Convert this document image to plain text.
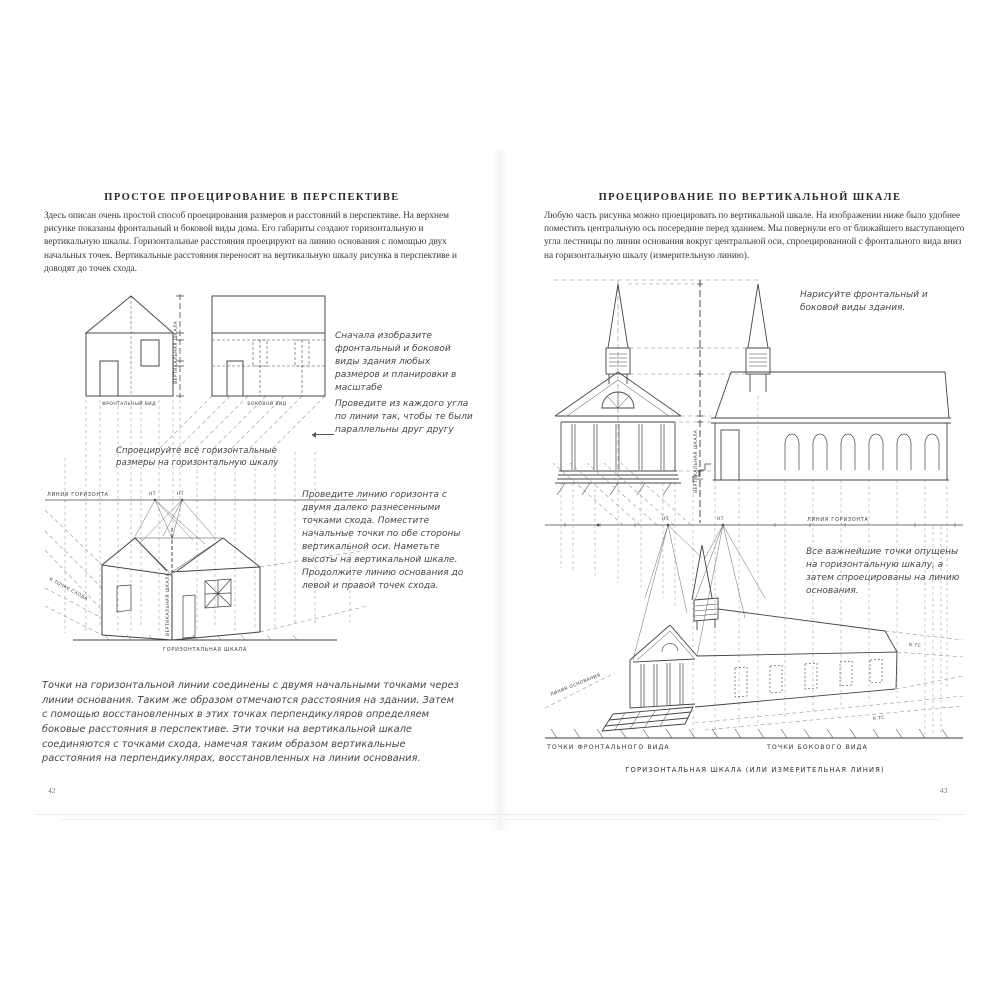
ПРОСТОЕ ПРОЕЦИРОВАНИЕ В ПЕРСПЕКТИВЕ
Здесь описан очень простой способ проецирования размеров и расстояний в перспективе. На верхнем рисунке показаны фронтальный и боковой виды дома. Его габариты создают горизонтальную и вертикальную шкалы. Горизонтальные расстояния проецируют на линию основания с помощью двух начальных точек. Вертикальные расстояния переносят на вертикальную шкалу рисунка в перспективе и доводят до точек схода.
ФРОНТАЛЬНЫЙ ВИД
ВЕРТИКАЛЬНАЯ ШКАЛА
БОКОВОЙ ВИД
ЛИНИЯ ГОРИЗОНТА	НТ	НТ
К ТОЧКЕ СХОДА	ВЕРТИКАЛЬНАЯ ШКАЛА
ГОРИЗОНТАЛЬНАЯ ШКАЛА
Сначала изобразите фронтальный и боковой виды здания любых размеров и планировки в масштабе
Проведите из каждого угла по линии так, чтобы те были параллельны друг другу
Спроецируйте все горизонтальные размеры на горизонтальную шкалу
Проведите линию горизонта с двумя далеко разнесенными точками схода. Поместите начальные точки по обе стороны вертикальной оси. Наметьте высоты на вертикальной шкале. Продолжите линию основания до левой и правой точек схода.
Точки на горизонтальной линии соединены с двумя начальными точками через линии основания. Таким же образом отмечаются расстояния на здании. Затем с помощью восстановленных в этих точках перпендикуляров определяем боковые расстояния в перспективе. Эти точки на вертикальной шкале соединяются с точками схода, намечая таким образом вертикальные расстояния на перпендикулярах, восстановленных на линии основания.
42
ПРОЕЦИРОВАНИЕ ПО ВЕРТИКАЛЬНОЙ ШКАЛЕ
Любую часть рисунка можно проецировать по вертикальной шкале. На изображении ниже было удобнее поместить центральную ось посередине перед зданием. Мы повернули его от ближайшего выступающего угла лестницы по линии основания вокруг центральной оси, спроецированной с фронтального вида вниз на горизонтальную шкалу (измерительную линию).
ВЕРТИКАЛЬНАЯ ШКАЛА
НТ	НТ	ЛИНИЯ ГОРИЗОНТА
К ТС
К ТС
ЛИНИЯ ОСНОВАНИЯ
ТОЧКИ ФРОНТАЛЬНОГО ВИДА	ТОЧКИ БОКОВОГО ВИДА
ГОРИЗОНТАЛЬНАЯ ШКАЛА (ИЛИ ИЗМЕРИТЕЛЬНАЯ ЛИНИЯ)
Нарисуйте фронтальный и боковой виды здания.
Все важнейшие точки опущены на горизонтальную шкалу, а затем спроецированы на линию основания.
43
